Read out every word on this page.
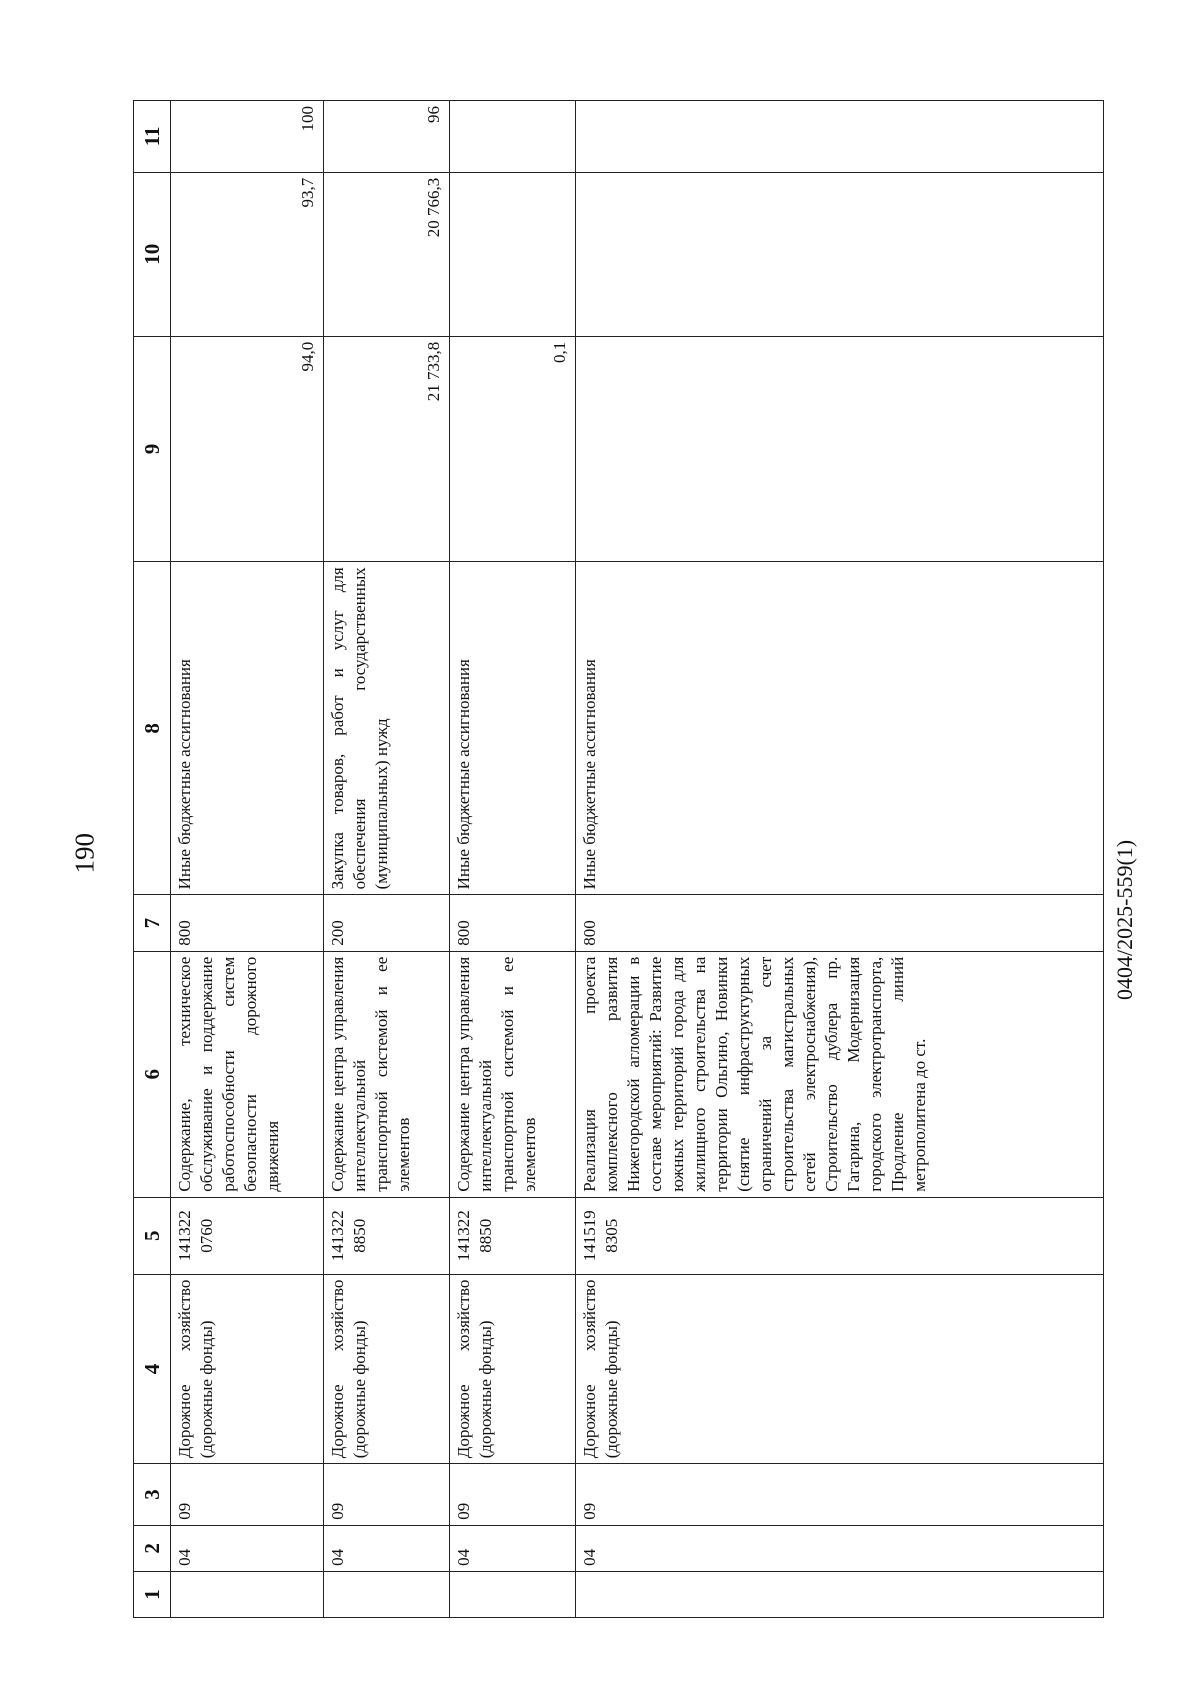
190
1	2	3	4	5	6	7	8	9	10	11
	04	09	Дорожное хозяйство (дорожные фонды)	141322 0760	Содержание, техническое обслуживание и поддержание работоспособности систем безопасности дорожного движения	800	Иные бюджетные ассигнования	94,0	93,7	100
	04	09	Дорожное хозяйство (дорожные фонды)	141322 8850	Содержание центра управления интеллектуальной транспортной системой и ее элементов	200	Закупка товаров, работ и услуг для обеспечения государственных (муниципальных) нужд	21 733,8	20 766,3	96
	04	09	Дорожное хозяйство (дорожные фонды)	141322 8850	Содержание центра управления интеллектуальной транспортной системой и ее элементов	800	Иные бюджетные ассигнования	0,1		
	04	09	Дорожное хозяйство (дорожные фонды)	141519 8305	Реализация проекта комплексного развития Нижегородской агломерации в составе мероприятий: Развитие южных территорий города для жилищного строительства на территории Ольгино, Новинки (снятие инфраструктурных ограничений за счет строительства магистральных сетей электроснабжения), Строительство дублера пр. Гагарина, Модернизация городского электротранспорта, Продление линий метрополитена до ст.	800	Иные бюджетные ассигнования			
0404/2025-559(1)
